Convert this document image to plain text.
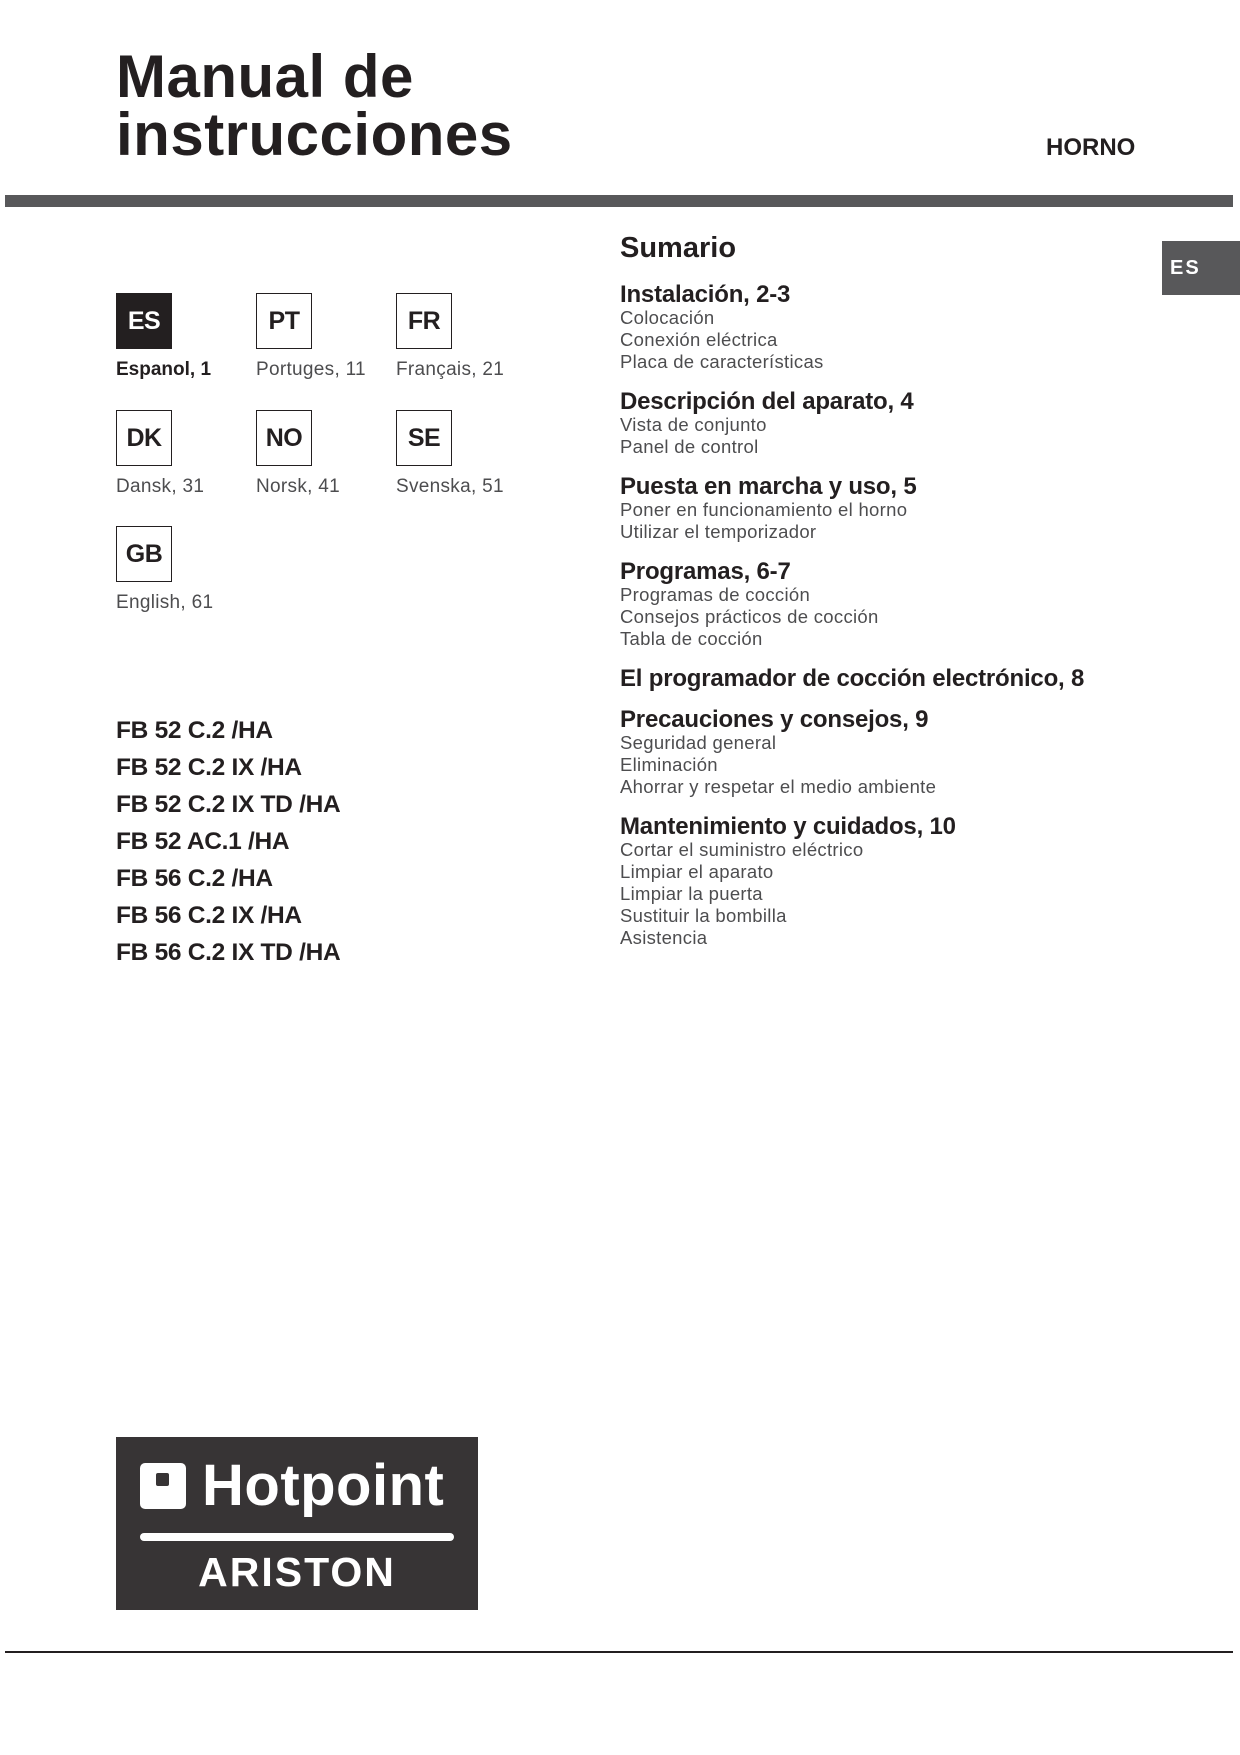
Manual de instrucciones	HORNO
ES
ES
Espanol, 1
PT
Portuges, 11
FR
Français, 21
DK
Dansk, 31
NO
Norsk, 41
SE
Svenska, 51
GB
English, 61
FB 52 C.2 /HA
FB 52 C.2 IX /HA
FB 52 C.2 IX TD /HA
FB 52 AC.1 /HA
FB 56 C.2 /HA
FB 56 C.2 IX /HA
FB 56 C.2 IX TD /HA
Sumario
Instalación, 2-3
Colocación
Conexión eléctrica
Placa de características
Descripción del aparato, 4
Vista de conjunto
Panel de control
Puesta en marcha y uso, 5
Poner en funcionamiento el horno
Utilizar el temporizador
Programas, 6-7
Programas de cocción
Consejos prácticos de cocción
Tabla de cocción
El programador de cocción electrónico, 8
Precauciones y consejos, 9
Seguridad general
Eliminación
Ahorrar y respetar el medio ambiente
Mantenimiento y cuidados, 10
Cortar el suministro eléctrico
Limpiar el aparato
Limpiar la puerta
Sustituir la bombilla
Asistencia
Hotpoint
ARISTON
